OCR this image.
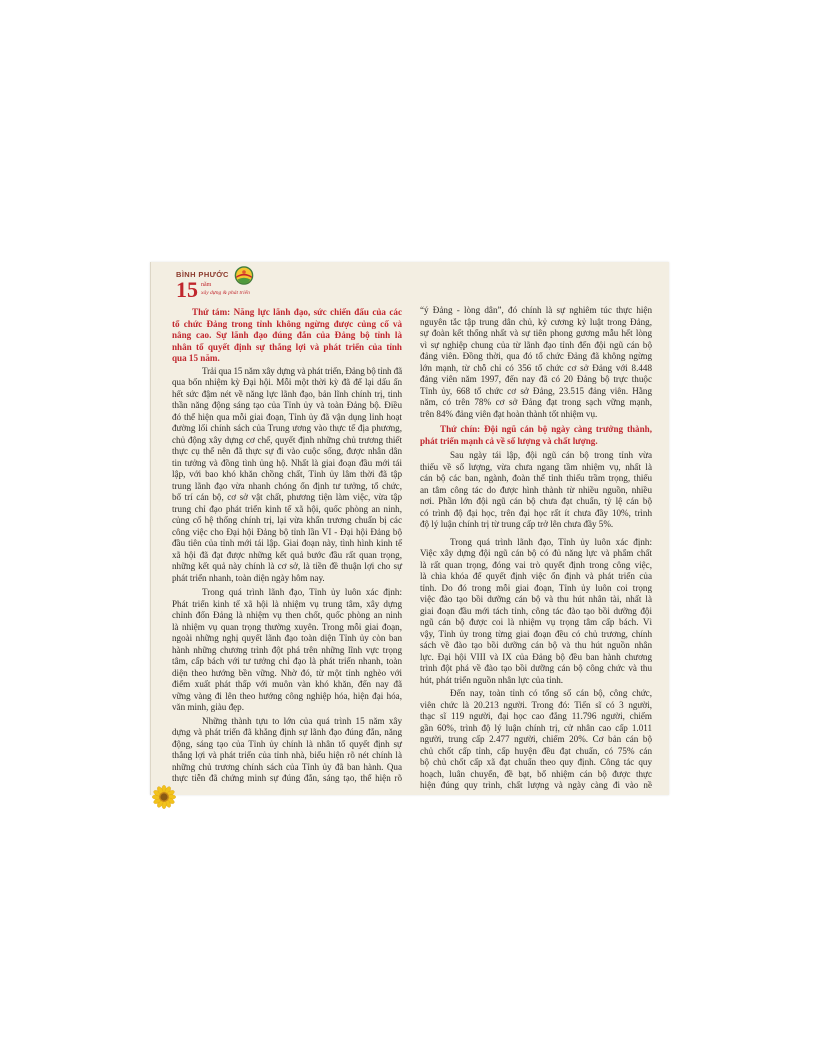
BÌNH PHƯỚC
15 năm
xây dựng & phát triển
Thứ tám: Năng lực lãnh đạo, sức chiến đấu của các
tổ chức Đảng trong tỉnh không ngừng được củng cố và
nâng cao. Sự lãnh đạo đúng đắn của Đảng bộ tỉnh là
nhân tố quyết định sự thắng lợi và phát triển của tỉnh
qua 15 năm.
Trải qua 15 năm xây dựng và phát triển, Đảng bộ tỉnh đã
qua bốn nhiệm kỳ Đại hội. Mỗi một thời kỳ đã để lại dấu ấn
hết sức đậm nét về năng lực lãnh đạo, bản lĩnh chính trị, tinh
thần năng động sáng tạo của Tỉnh ủy và toàn Đảng bộ. Điều
đó thể hiện qua mỗi giai đoạn, Tỉnh ủy đã vận dụng linh hoạt
đường lối chính sách của Trung ương vào thực tế địa phương,
chủ động xây dựng cơ chế, quyết định những chủ trương thiết
thực cụ thể nên đã thực sự đi vào cuộc sống, được nhân dân
tin tưởng và đồng tình ủng hộ. Nhất là giai đoạn đầu mới tái
lập, với bao khó khăn chồng chất, Tỉnh ủy lâm thời đã tập
trung lãnh đạo vừa nhanh chóng ổn định tư tưởng, tổ chức,
bố trí cán bộ, cơ sở vật chất, phương tiện làm việc, vừa tập
trung chỉ đạo phát triển kinh tế xã hội, quốc phòng an ninh,
củng cố hệ thống chính trị, lại vừa khẩn trương chuẩn bị các
công việc cho Đại hội Đảng bộ tỉnh lần VI - Đại hội Đảng bộ
đầu tiên của tỉnh mới tái lập. Giai đoạn này, tình hình kinh tế
xã hội đã đạt được những kết quả bước đầu rất quan trọng,
những kết quả này chính là cơ sở, là tiền đề thuận lợi cho sự
phát triển nhanh, toàn diện ngày hôm nay.
Trong quá trình lãnh đạo, Tỉnh ủy luôn xác định:
Phát triển kinh tế xã hội là nhiệm vụ trung tâm, xây dựng
chỉnh đốn Đảng là nhiệm vụ then chốt, quốc phòng an ninh
là nhiệm vụ quan trọng thường xuyên. Trong mỗi giai đoạn,
ngoài những nghị quyết lãnh đạo toàn diện Tỉnh ủy còn ban
hành những chương trình đột phá trên những lĩnh vực trọng
tâm, cấp bách với tư tưởng chỉ đạo là phát triển nhanh, toàn
diện theo hướng bền vững. Nhờ đó, từ một tỉnh nghèo với
điểm xuất phát thấp với muôn vàn khó khăn, đến nay đã
vững vàng đi lên theo hướng công nghiệp hóa, hiện đại hóa,
văn minh, giàu đẹp.
Những thành tựu to lớn của quá trình 15 năm xây
dựng và phát triển đã khẳng định sự lãnh đạo đúng đắn, năng
động, sáng tạo của Tỉnh ủy chính là nhân tố quyết định sự
thắng lợi và phát triển của tỉnh nhà, biểu hiện rõ nét chính là
những chủ trương chính sách của Tỉnh ủy đã ban hành. Qua
thực tiễn đã chứng minh sự đúng đắn, sáng tạo, thể hiện rõ
“ý Đảng - lòng dân”, đó chính là sự nghiêm túc thực hiện
nguyên tắc tập trung dân chủ, kỷ cương kỷ luật trong Đảng,
sự đoàn kết thống nhất và sự tiên phong gương mẫu hết lòng
vì sự nghiệp chung của từ lãnh đạo tỉnh đến đội ngũ cán bộ
đảng viên. Đồng thời, qua đó tổ chức Đảng đã không ngừng
lớn mạnh, từ chỗ chỉ có 356 tổ chức cơ sở Đảng với 8.448
đảng viên năm 1997, đến nay đã có 20 Đảng bộ trực thuộc
Tỉnh ủy, 668 tổ chức cơ sở Đảng, 23.515 đảng viên. Hằng
năm, có trên 78% cơ sở Đảng đạt trong sạch vững mạnh,
trên 84% đảng viên đạt hoàn thành tốt nhiệm vụ.
Thứ chín: Đội ngũ cán bộ ngày càng trưởng thành,
phát triển mạnh cả về số lượng và chất lượng.
Sau ngày tái lập, đội ngũ cán bộ trong tỉnh vừa
thiếu về số lượng, vừa chưa ngang tầm nhiệm vụ, nhất là
cán bộ các ban, ngành, đoàn thể tỉnh thiếu trầm trọng, thiếu
an tâm công tác do được hình thành từ nhiều nguồn, nhiều
nơi. Phần lớn đội ngũ cán bộ chưa đạt chuẩn, tỷ lệ cán bộ
có trình độ đại học, trên đại học rất ít chưa đầy 10%, trình
độ lý luận chính trị từ trung cấp trở lên chưa đầy 5%.
Trong quá trình lãnh đạo, Tỉnh ủy luôn xác định:
Việc xây dựng đội ngũ cán bộ có đủ năng lực và phẩm chất
là rất quan trọng, đóng vai trò quyết định trong công việc,
là chìa khóa để quyết định việc ổn định và phát triển của
tỉnh. Do đó trong mỗi giai đoạn, Tỉnh ủy luôn coi trọng
việc đào tạo bồi dưỡng cán bộ và thu hút nhân tài, nhất là
giai đoạn đầu mới tách tỉnh, công tác đào tạo bồi dưỡng đội
ngũ cán bộ được coi là nhiệm vụ trọng tâm cấp bách. Vì
vậy, Tỉnh ủy trong từng giai đoạn đều có chủ trương, chính
sách về đào tạo bồi dưỡng cán bộ và thu hút nguồn nhân
lực. Đại hội VIII và IX của Đảng bộ đều ban hành chương
trình đột phá về đào tạo bồi dưỡng cán bộ công chức và thu
hút, phát triển nguồn nhân lực của tỉnh.
Đến nay, toàn tỉnh có tổng số cán bộ, công chức,
viên chức là 20.213 người. Trong đó: Tiến sĩ có 3 người,
thạc sĩ 119 người, đại học cao đẳng 11.796 người, chiếm
gần 60%, trình độ lý luận chính trị, cử nhân cao cấp 1.011
người, trung cấp 2.477 người, chiếm 20%. Cơ bản cán bộ
chủ chốt cấp tỉnh, cấp huyện đều đạt chuẩn, có 75% cán
bộ chủ chốt cấp xã đạt chuẩn theo quy định. Công tác quy
hoạch, luân chuyển, đề bạt, bổ nhiệm cán bộ được thực
hiện đúng quy trình, chất lượng và ngày càng đi vào nề
